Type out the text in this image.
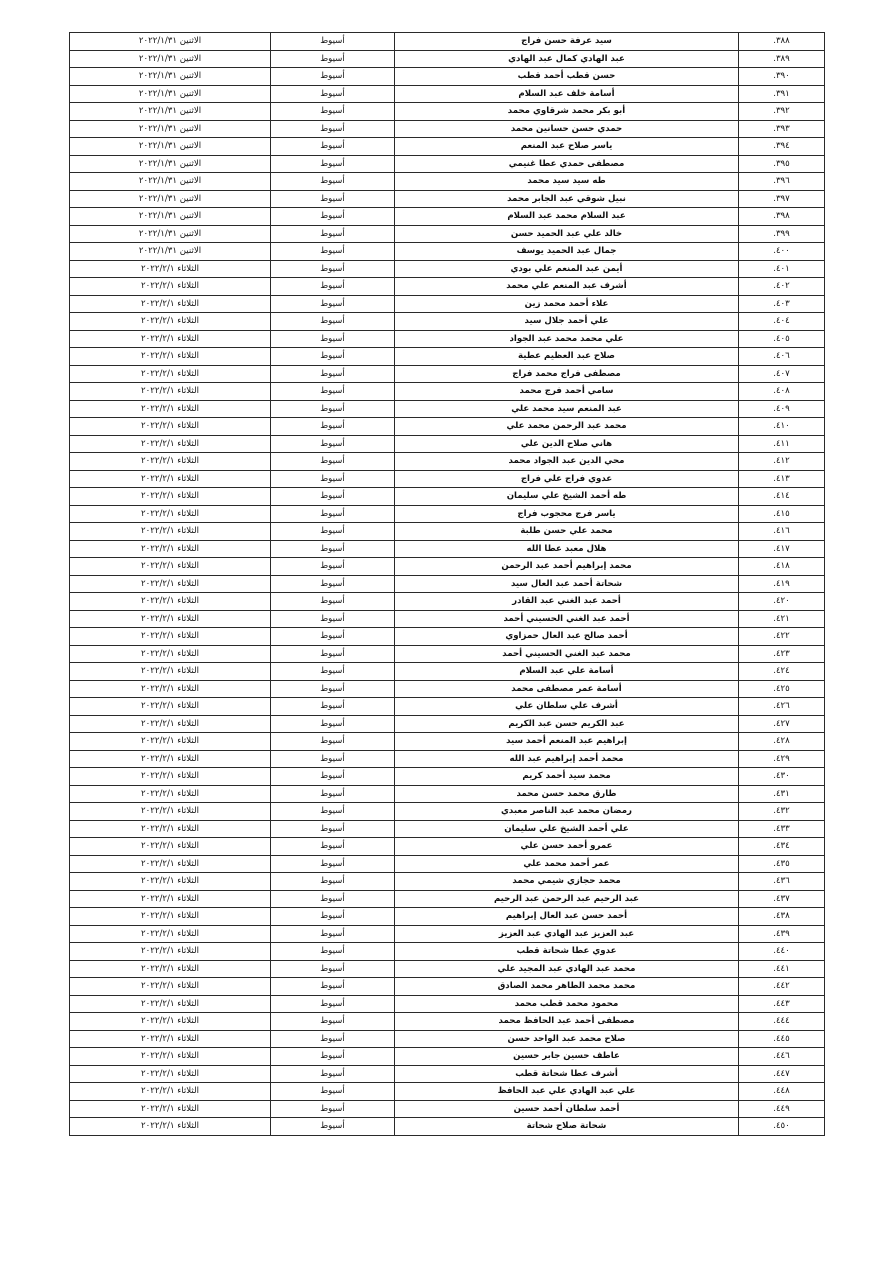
٣٨٨.	سيد عرفة حسن فراج	أسيوط	الاثنين ٢٠٢٢/١/٣١
٣٨٩.	عبد الهادي كمال عبد الهادي	أسيوط	الاثنين ٢٠٢٢/١/٣١
٣٩٠.	حسن قطب أحمد قطب	أسيوط	الاثنين ٢٠٢٢/١/٣١
٣٩١.	أسامة خلف عبد السلام	أسيوط	الاثنين ٢٠٢٢/١/٣١
٣٩٢.	أبو بكر محمد شرقاوي محمد	أسيوط	الاثنين ٢٠٢٢/١/٣١
٣٩٣.	حمدي حسن حسانين محمد	أسيوط	الاثنين ٢٠٢٢/١/٣١
٣٩٤.	ياسر صلاح عبد المنعم	أسيوط	الاثنين ٢٠٢٢/١/٣١
٣٩٥.	مصطفى حمدي عطا غنيمي	أسيوط	الاثنين ٢٠٢٢/١/٣١
٣٩٦.	طه سيد سيد محمد	أسيوط	الاثنين ٢٠٢٢/١/٣١
٣٩٧.	نبيل شوقي عبد الجابر محمد	أسيوط	الاثنين ٢٠٢٢/١/٣١
٣٩٨.	عبد السلام محمد عبد السلام	أسيوط	الاثنين ٢٠٢٢/١/٣١
٣٩٩.	خالد علي عبد الحميد حسن	أسيوط	الاثنين ٢٠٢٢/١/٣١
٤٠٠.	جمال عبد الحميد يوسف	أسيوط	الاثنين ٢٠٢٢/١/٣١
٤٠١.	أيمن عبد المنعم علي بودي	أسيوط	الثلاثاء ٢٠٢٢/٢/١
٤٠٢.	أشرف عبد المنعم علي محمد	أسيوط	الثلاثاء ٢٠٢٢/٢/١
٤٠٣.	علاء أحمد محمد زين	أسيوط	الثلاثاء ٢٠٢٢/٢/١
٤٠٤.	علي أحمد جلال سيد	أسيوط	الثلاثاء ٢٠٢٢/٢/١
٤٠٥.	علي محمد محمد عبد الجواد	أسيوط	الثلاثاء ٢٠٢٢/٢/١
٤٠٦.	صلاح عبد العظيم عطية	أسيوط	الثلاثاء ٢٠٢٢/٢/١
٤٠٧.	مصطفى فراج محمد فراج	أسيوط	الثلاثاء ٢٠٢٢/٢/١
٤٠٨.	سامي أحمد فرج محمد	أسيوط	الثلاثاء ٢٠٢٢/٢/١
٤٠٩.	عبد المنعم سيد محمد علي	أسيوط	الثلاثاء ٢٠٢٢/٢/١
٤١٠.	محمد عبد الرحمن محمد علي	أسيوط	الثلاثاء ٢٠٢٢/٢/١
٤١١.	هاني صلاح الدين علي	أسيوط	الثلاثاء ٢٠٢٢/٢/١
٤١٢.	محي الدين عبد الجواد محمد	أسيوط	الثلاثاء ٢٠٢٢/٢/١
٤١٣.	عدوي فراج علي فراج	أسيوط	الثلاثاء ٢٠٢٢/٢/١
٤١٤.	طه أحمد الشيخ علي سليمان	أسيوط	الثلاثاء ٢٠٢٢/٢/١
٤١٥.	ياسر فرج محجوب فراج	أسيوط	الثلاثاء ٢٠٢٢/٢/١
٤١٦.	محمد علي حسن طلبة	أسيوط	الثلاثاء ٢٠٢٢/٢/١
٤١٧.	هلال معبد عطا الله	أسيوط	الثلاثاء ٢٠٢٢/٢/١
٤١٨.	محمد إبراهيم أحمد عبد الرحمن	أسيوط	الثلاثاء ٢٠٢٢/٢/١
٤١٩.	شحاتة أحمد عبد العال سيد	أسيوط	الثلاثاء ٢٠٢٢/٢/١
٤٢٠.	أحمد عبد الغني عبد القادر	أسيوط	الثلاثاء ٢٠٢٢/٢/١
٤٢١.	أحمد عبد الغني الحسيني أحمد	أسيوط	الثلاثاء ٢٠٢٢/٢/١
٤٢٢.	أحمد صالح عبد العال حمزاوي	أسيوط	الثلاثاء ٢٠٢٢/٢/١
٤٢٣.	محمد عبد الغني الحسيني أحمد	أسيوط	الثلاثاء ٢٠٢٢/٢/١
٤٢٤.	أسامة علي عبد السلام	أسيوط	الثلاثاء ٢٠٢٢/٢/١
٤٢٥.	أسامة عمر مصطفى محمد	أسيوط	الثلاثاء ٢٠٢٢/٢/١
٤٢٦.	أشرف علي سلطان علي	أسيوط	الثلاثاء ٢٠٢٢/٢/١
٤٢٧.	عبد الكريم حسن عبد الكريم	أسيوط	الثلاثاء ٢٠٢٢/٢/١
٤٢٨.	إبراهيم عبد المنعم أحمد سيد	أسيوط	الثلاثاء ٢٠٢٢/٢/١
٤٢٩.	محمد أحمد إبراهيم عبد الله	أسيوط	الثلاثاء ٢٠٢٢/٢/١
٤٣٠.	محمد سيد أحمد كريم	أسيوط	الثلاثاء ٢٠٢٢/٢/١
٤٣١.	طارق محمد حسن محمد	أسيوط	الثلاثاء ٢٠٢٢/٢/١
٤٣٢.	رمضان محمد عبد الناصر معبدي	أسيوط	الثلاثاء ٢٠٢٢/٢/١
٤٣٣.	علي أحمد الشيخ علي سليمان	أسيوط	الثلاثاء ٢٠٢٢/٢/١
٤٣٤.	عمرو أحمد حسن علي	أسيوط	الثلاثاء ٢٠٢٢/٢/١
٤٣٥.	عمر أحمد محمد علي	أسيوط	الثلاثاء ٢٠٢٢/٢/١
٤٣٦.	محمد حجازي شيمي محمد	أسيوط	الثلاثاء ٢٠٢٢/٢/١
٤٣٧.	عبد الرحيم عبد الرحمن عبد الرحيم	أسيوط	الثلاثاء ٢٠٢٢/٢/١
٤٣٨.	أحمد حسن عبد العال إبراهيم	أسيوط	الثلاثاء ٢٠٢٢/٢/١
٤٣٩.	عبد العزيز عبد الهادي عبد العزيز	أسيوط	الثلاثاء ٢٠٢٢/٢/١
٤٤٠.	عدوي عطا شحاتة قطب	أسيوط	الثلاثاء ٢٠٢٢/٢/١
٤٤١.	محمد عبد الهادي عبد المجيد علي	أسيوط	الثلاثاء ٢٠٢٢/٢/١
٤٤٢.	محمد محمد الطاهر محمد الصادق	أسيوط	الثلاثاء ٢٠٢٢/٢/١
٤٤٣.	محمود محمد قطب محمد	أسيوط	الثلاثاء ٢٠٢٢/٢/١
٤٤٤.	مصطفى أحمد عبد الحافظ محمد	أسيوط	الثلاثاء ٢٠٢٢/٢/١
٤٤٥.	صلاح محمد عبد الواحد حسن	أسيوط	الثلاثاء ٢٠٢٢/٢/١
٤٤٦.	عاطف حسين جابر حسين	أسيوط	الثلاثاء ٢٠٢٢/٢/١
٤٤٧.	أشرف عطا شحاتة قطب	أسيوط	الثلاثاء ٢٠٢٢/٢/١
٤٤٨.	علي عبد الهادي علي عبد الحافظ	أسيوط	الثلاثاء ٢٠٢٢/٢/١
٤٤٩.	أحمد سلطان أحمد حسين	أسيوط	الثلاثاء ٢٠٢٢/٢/١
٤٥٠.	شحاتة صلاح شحاتة	أسيوط	الثلاثاء ٢٠٢٢/٢/١
